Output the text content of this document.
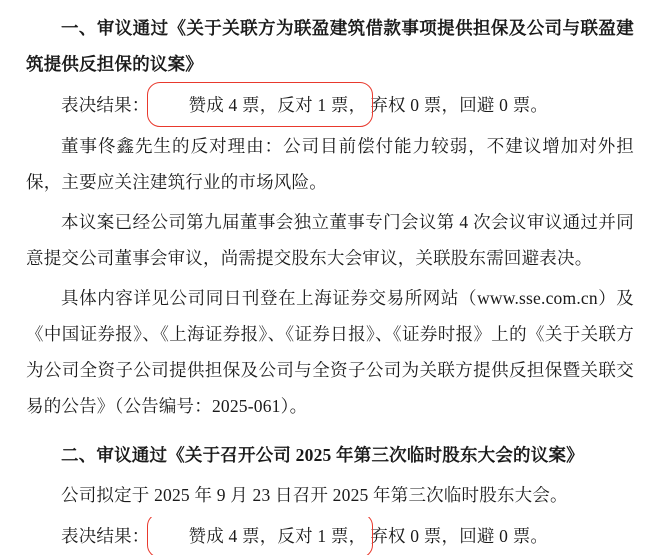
一、审议通过《关于关联方为联盈建筑借款事项提供担保及公司与联盈建筑提供反担保的议案》

表决结果： 赞成 4 票，反对 1 票， 弃权 0 票，回避 0 票。

董事佟鑫先生的反对理由：公司目前偿付能力较弱，不建议增加对外担保，主要应关注建筑行业的市场风险。

本议案已经公司第九届董事会独立董事专门会议第 4 次会议审议通过并同意提交公司董事会审议，尚需提交股东大会审议，关联股东需回避表决。

具体内容详见公司同日刊登在上海证券交易所网站（www.sse.com.cn）及《中国证券报》、《上海证券报》、《证券日报》、《证券时报》上的《关于关联方为公司全资子公司提供担保及公司与全资子公司为关联方提供反担保暨关联交易的公告》（公告编号：2025-061）。

二、审议通过《关于召开公司 2025 年第三次临时股东大会的议案》

公司拟定于 2025 年 9 月 23 日召开 2025 年第三次临时股东大会。

表决结果： 赞成 4 票，反对 1 票， 弃权 0 票，回避 0 票。
